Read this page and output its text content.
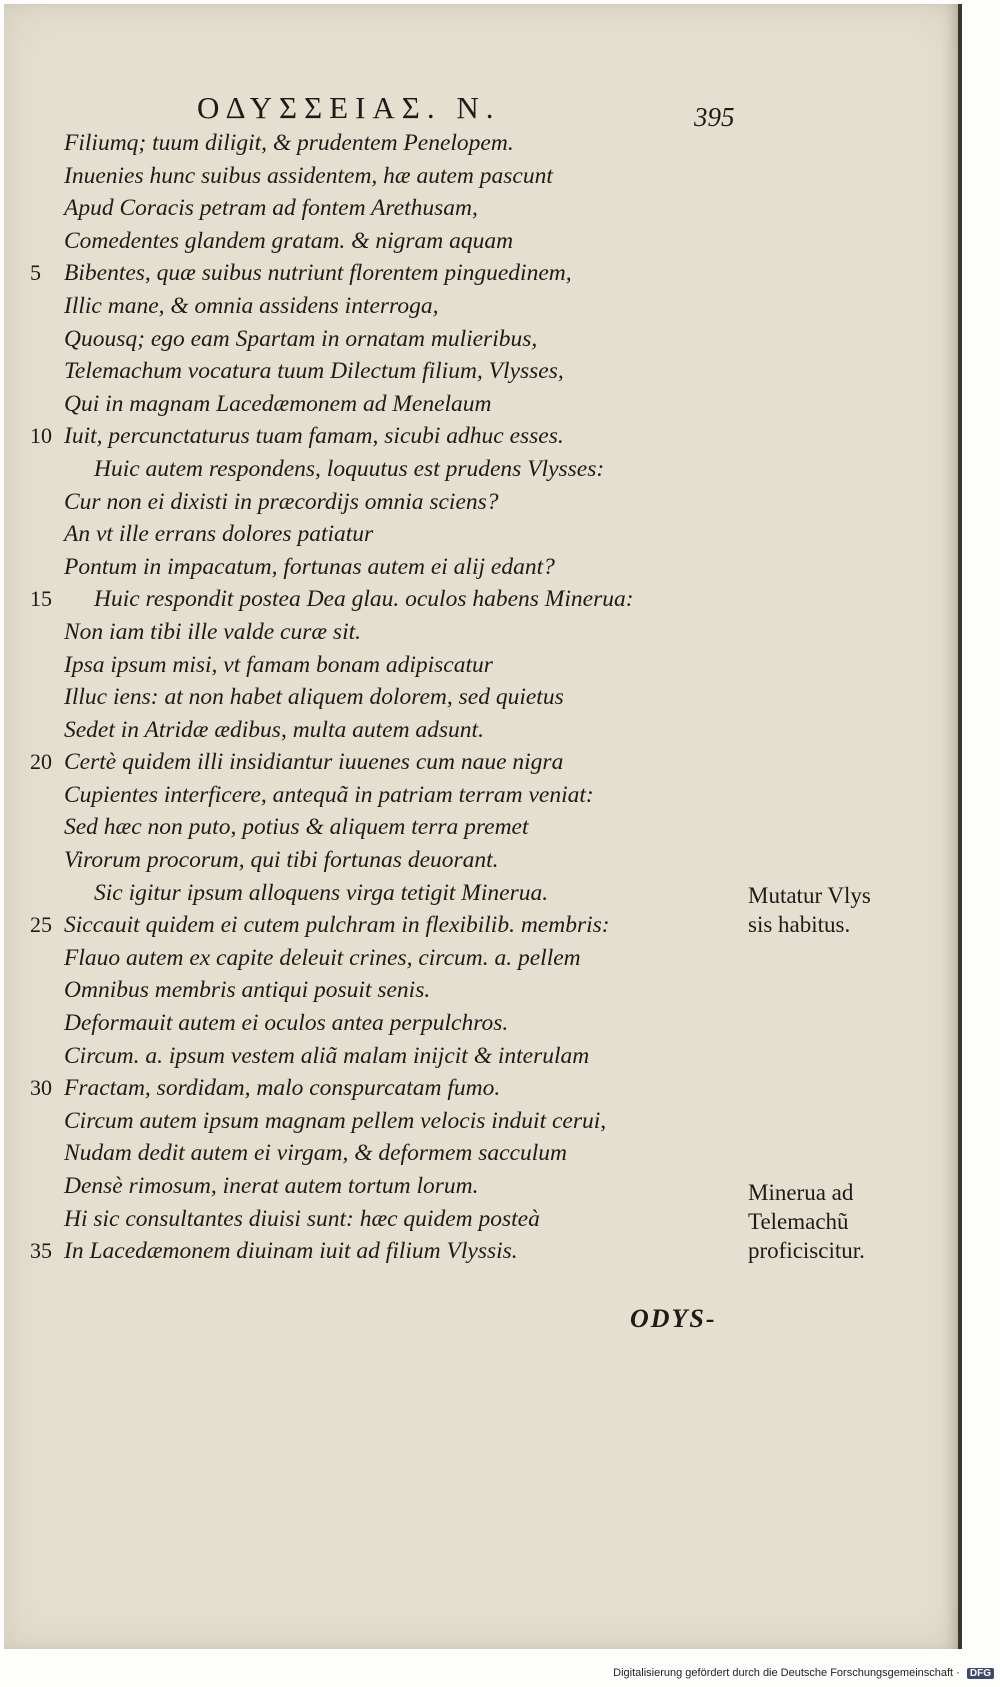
ΟΔΥΣΣΕΙΑΣ. Ν.	395
Filiumq; tuum diligit, & prudentem Penelopem.
Inuenies hunc suibus assidentem, hæ autem pascunt
Apud Coracis petram ad fontem Arethusam,
Comedentes glandem gratam. & nigram aquam
5 Bibentes, quæ suibus nutriunt florentem pinguedinem,
Illic mane, & omnia assidens interroga,
Quousq; ego eam Spartam in ornatam mulieribus,
Telemachum vocatura tuum Dilectum filium, Vlysses,
Qui in magnam Lacedæmonem ad Menelaum
10 Iuit, percunctaturus tuam famam, sicubi adhuc esses.
Huic autem respondens, loquutus est prudens Vlysses:
Cur non ei dixisti in præcordijs omnia sciens?
An vt ille errans dolores patiatur
Pontum in impacatum, fortunas autem ei alij edant?
15 Huic respondit postea Dea glau. oculos habens Minerua:
Non iam tibi ille valde curæ sit.
Ipsa ipsum misi, vt famam bonam adipiscatur
Illuc iens: at non habet aliquem dolorem, sed quietus
Sedet in Atridæ ædibus, multa autem adsunt.
20 Certè quidem illi insidiantur iuuenes cum naue nigra
Cupientes interficere, antequã in patriam terram veniat:
Sed hæc non puto, potius & aliquem terra premet
Virorum procorum, qui tibi fortunas deuorant.
Sic igitur ipsum alloquens virga tetigit Minerua.
25 Siccauit quidem ei cutem pulchram in flexibilib. membris:
Flauo autem ex capite deleuit crines, circum. a. pellem
Omnibus membris antiqui posuit senis.
Deformauit autem ei oculos antea perpulchros.
Circum. a. ipsum vestem aliã malam inijcit & interulam
30 Fractam, sordidam, malo conspurcatam fumo.
Circum autem ipsum magnam pellem velocis induit cerui,
Nudam dedit autem ei virgam, & deformem sacculum
Densè rimosum, inerat autem tortum lorum.
Hi sic consultantes diuisi sunt: hæc quidem posteà
35 In Lacedæmonem diuinam iuit ad filium Vlyssis.
Mutatur Vlys
sis habitus.
Minerua ad
Telemachũ
proficiscitur.
ODYS-
Digitalisierung gefördert durch die Deutsche Forschungsgemeinschaft · DFG
